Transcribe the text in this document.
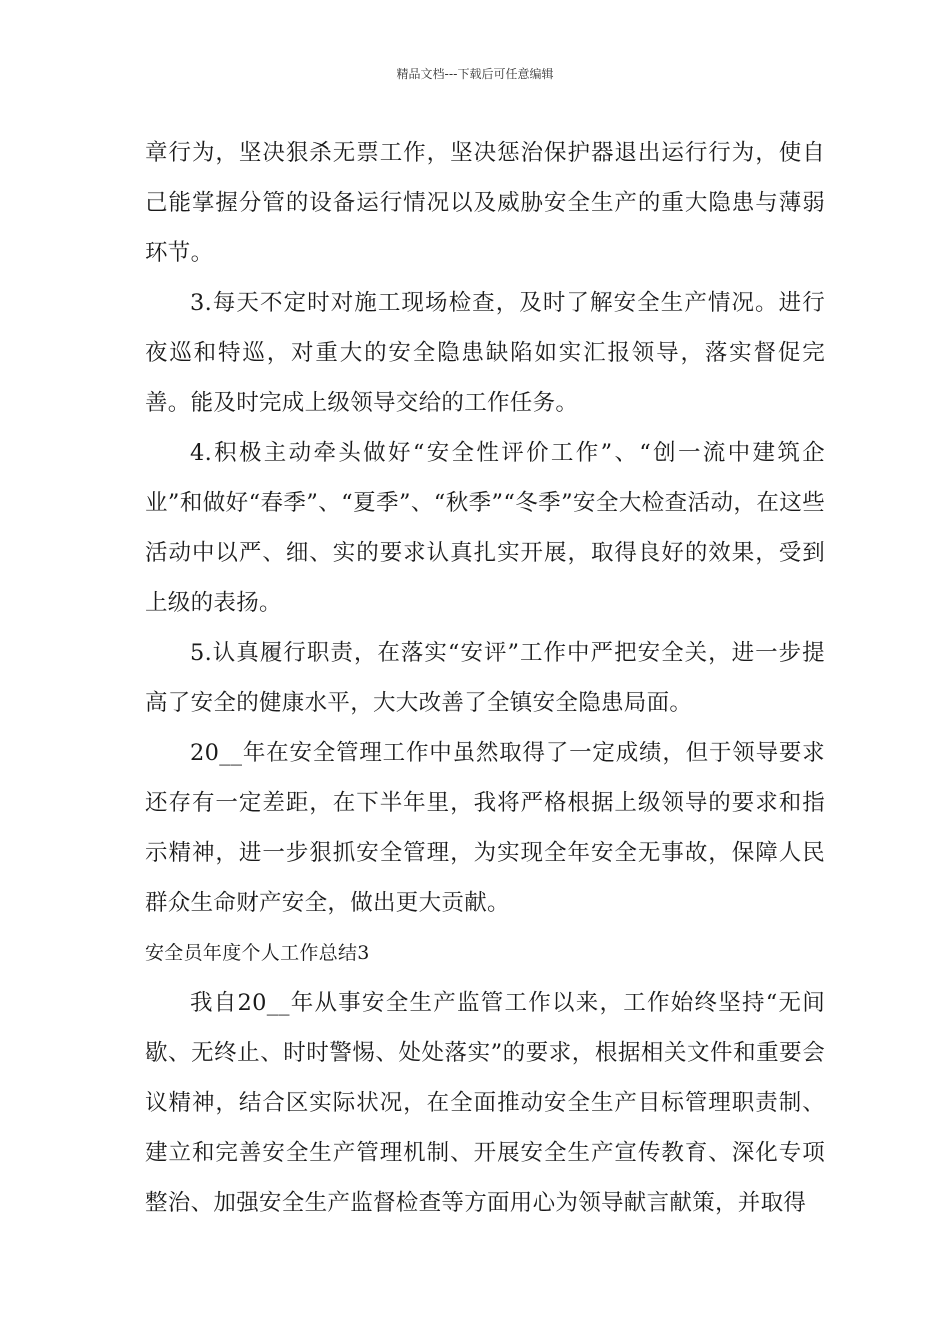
精品文档---下载后可任意编辑

章行为，坚决狠杀无票工作，坚决惩治保护器退出运行行为，使自己能掌握分管的设备运行情况以及威胁安全生产的重大隐患与薄弱环节。

3.每天不定时对施工现场检查，及时了解安全生产情况。进行夜巡和特巡，对重大的安全隐患缺陷如实汇报领导，落实督促完善。能及时完成上级领导交给的工作任务。

4.积极主动牵头做好“安全性评价工作”、“创一流中建筑企业”和做好“春季”、“夏季”、“秋季”“冬季”安全大检查活动，在这些活动中以严、细、实的要求认真扎实开展，取得良好的效果，受到上级的表扬。

5.认真履行职责，在落实“安评”工作中严把安全关，进一步提高了安全的健康水平，大大改善了全镇安全隐患局面。

20__年在安全管理工作中虽然取得了一定成绩，但于领导要求还存有一定差距，在下半年里，我将严格根据上级领导的要求和指示精神，进一步狠抓安全管理，为实现全年安全无事故，保障人民群众生命财产安全，做出更大贡献。

安全员年度个人工作总结3

我自20__年从事安全生产监管工作以来，工作始终坚持“无间歇、无终止、时时警惕、处处落实”的要求，根据相关文件和重要会议精神，结合区实际状况，在全面推动安全生产目标管理职责制、建立和完善安全生产管理机制、开展安全生产宣传教育、深化专项整治、加强安全生产监督检查等方面用心为领导献言献策，并取得
